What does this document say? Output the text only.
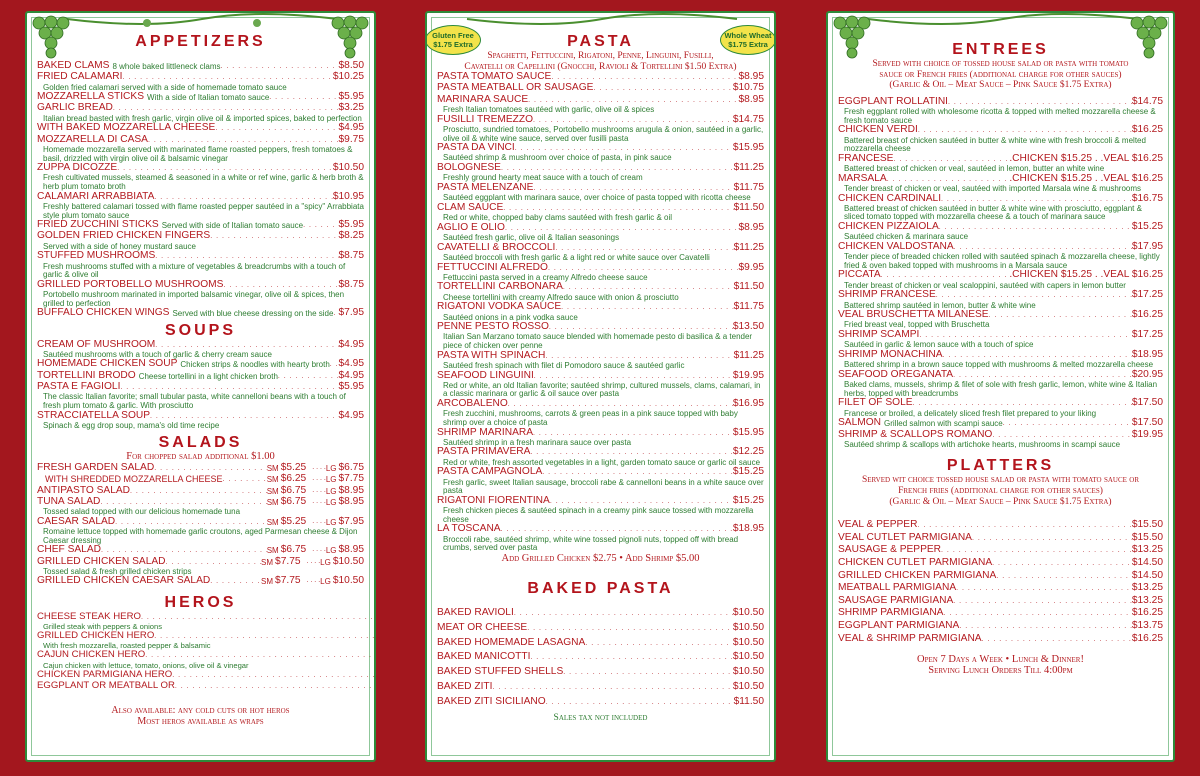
APPETIZERS
BAKED CLAMS 8 whole baked littleneck clams . . .	$8.50
FRIED CALAMARI . . .	$10.25
Golden fried calamari served with a side of homemade tomato sauce
MOZZARELLA STICKS With a side of Italian tomato sauce . . .	$5.95
GARLIC BREAD . . .	$3.25
Italian bread basted with fresh garlic, virgin olive oil & imported spices, baked to perfection
WITH BAKED MOZZARELLA CHEESE . . .	$4.95
MOZZARELLA DI CASA . . .	$9.75
Homemade mozzarella served with marinated flame roasted peppers, fresh tomatoes & basil, drizzled with virgin olive oil & balsamic vinegar
ZUPPA DICOZZE . . .	$10.50
Fresh cultivated mussels, steamed & seasoned in a white or ref wine, garlic & herb broth & herb plum tomato broth
CALAMARI ARRABBIATA . . .	$10.95
Freshly battered calamari tossed with flame roasted pepper sautéed in a "spicy" Arrabbiata style plum tomato sauce
FRIED ZUCCHINI STICKS Served with side of Italian tomato sauce . . .	$5.95
GOLDEN FRIED CHICKEN FINGERS . . .	$8.25
Served with a side of honey mustard sauce
STUFFED MUSHROOMS . . .	$8.75
Fresh mushrooms stuffed with a mixture of vegetables & breadcrumbs with a touch of garlic & olive oil
GRILLED PORTOBELLO MUSHROOMS . . .	$8.75
Portobello mushroom marinated in imported balsamic vinegar, olive oil & spices, then grilled to perfection
BUFFALO CHICKEN WINGS Served with blue cheese dressing on the side . . . $7.95
SOUPS
CREAM OF MUSHROOM . . .	$4.95
Sautéed mushrooms with a touch of garlic & cherry cream sauce
HOMEMADE CHICKEN SOUP Chicken strips & noodles with hearty broth . . . $4.95
TORTELLINI BRODO Cheese tortellini in a light chicken broth . . .	$4.95
PASTA E FAGIOLI . . .	$5.95
The classic Italian favorite; small tubular pasta, white cannelloni beans with a touch of fresh plum tomato & garlic. With prosciutto
STRACCIATELLA SOUP . . .	$4.95
Spinach & egg drop soup, mama's old time recipe
SALADS
For chopped salad additional $1.00
FRESH GARDEN SALAD . . .	SM $5.25 . . . . LG $6.75
WITH SHREDDED MOZZARELLA CHEESE . . .	SM $6.25 . . . . LG $7.75
ANTIPASTO SALAD . . .	SM $6.75 . . . . LG $8.95
TUNA SALAD . . .	SM $6.75 . . . . LG $8.95
Tossed salad topped with our delicious homemade tuna
CAESAR SALAD . . .	SM $5.25 . . . . LG $7.95
Romaine lettuce topped with homemade garlic croutons, aged Parmesan cheese & Dijon Caesar dressing
CHEF SALAD . . .	SM $6.75 . . . . LG $8.95
GRILLED CHICKEN SALAD . . .	SM $7.75 . . . . LG $10.50
Tossed salad & fresh grilled chicken strips
GRILLED CHICKEN CAESAR SALAD . . .	SM $7.75 . . . . LG $10.50
HEROS
CHEESE STEAK HERO
. . .
Grilled steak with peppers & onions
GRILLED CHICKEN HERO
. . .
With fresh mozzarella, roasted pepper & balsamic
CAJUN CHICKEN HERO
. . .
Cajun chicken with lettuce, tomato, onions, olive oil & vinegar
CHICKEN PARMIGIANA HERO
. . .
EGGPLANT OR MEATBALL OR
. . .
Also available: any cold cuts or hot heros
Most heros available as wraps
Gluten Free $1.75 Extra
Whole Wheat $1.75 Extra
PASTA
Spaghetti, Fettuccini, Rigatoni, Penne, Linguini, Fusilli,
Cavatelli or Capellini (Gnocchi, Ravioli & Tortellini $1.50 Extra)
PASTA TOMATO SAUCE . . .	$8.95
PASTA MEATBALL OR SAUSAGE . . .	$10.75
MARINARA SAUCE . . .	$8.95
Fresh Italian tomatoes sautéed with garlic, olive oil & spices
FUSILLI TREMEZZO . . .	$14.75
Prosciutto, sundried tomatoes, Portobello mushrooms arugula & onion, sautéed in a garlic, olive oil & white wine sauce, served over fusilli pasta
PASTA DA VINCI . . .	$15.95
Sautéed shrimp & mushroom over choice of pasta, in pink sauce
BOLOGNESE . . .	$11.25
Freshly ground hearty meat sauce with a touch of cream
PASTA MELENZANE . . .	$11.75
Sautéed eggplant with marinara sauce, over choice of pasta topped with ricotta cheese
CLAM SAUCE . . .	$11.50
Red or white, chopped baby clams sautéed with fresh garlic & oil
AGLIO E OLIO . . .	$8.95
Sautéed fresh garlic, olive oil & Italian seasonings
CAVATELLI & BROCCOLI . . .	$11.25
Sautéed broccoli with fresh garlic & a light red or white sauce over Cavatelli
FETTUCCINI ALFREDO . . .	$9.95
Fettuccini pasta served in a creamy Alfredo cheese sauce
TORTELLINI CARBONARA . . .	$11.50
Cheese tortellini with creamy Alfredo sauce with onion & prosciutto
RIGATONI VODKA SAUCE . . .	$11.75
Sautéed onions in a pink vodka sauce
PENNE PESTO ROSSO . . .	$13.50
Italian San Marzano tomato sauce blended with homemade pesto di basilica & a tender piece of chicken over penne
PASTA WITH SPINACH . . .	$11.25
Sautéed fresh spinach with filet di Pomodoro sauce & sautéed garlic
SEAFOOD LINGUINI . . .	$19.95
Red or white, an old Italian favorite; sautéed shrimp, cultured mussels, clams, calamari, in a classic marinara or garlic & oil sauce over pasta
ARCOBALENO . . .	$16.95
Fresh zucchini, mushrooms, carrots & green peas in a pink sauce topped with baby shrimp over a choice of pasta
SHRIMP MARINARA . . .	$15.95
Sautéed shrimp in a fresh marinara sauce over pasta
PASTA PRIMAVERA . . .	$12.25
Red or white, fresh assorted vegetables in a light, garden tomato sauce or garlic oil sauce
PASTA CAMPAGNOLA . . .	$15.25
Fresh garlic, sweet Italian sausage, broccoli rabe & cannelloni beans in a white sauce over pasta
RIGATONI FIORENTINA . . .	$15.25
Fresh chicken pieces & sautéed spinach in a creamy pink sauce tossed with mozzarella cheese
LA TOSCANA . . .	$18.95
Broccoli rabe, sautéed shrimp, white wine tossed pignoli nuts, topped off with bread crumbs, served over pasta
Add Grilled Chicken $2.75 • Add Shrimp $5.00
BAKED PASTA
BAKED RAVIOLI . . .	$10.50
MEAT OR CHEESE . . .	$10.50
BAKED HOMEMADE LASAGNA . . .	$10.50
BAKED MANICOTTI . . .	$10.50
BAKED STUFFED SHELLS . . .	$10.50
BAKED ZITI . . .	$10.50
BAKED ZITI SICILIANO . . .	$11.50
Sales tax not included
ENTREES
Served with choice of tossed house salad or pasta with tomato
sauce or French fries (additional charge for other sauces)
(Garlic & Oil – Meat Sauce – Pink Sauce $1.75 Extra)
EGGPLANT ROLLATINI . . .	$14.75
Fresh eggplant rolled with wholesome ricotta & topped with melted mozzarella cheese & fresh tomato sauce
CHICKEN VERDI . . .	$16.25
Battered breast of chicken sautéed in butter & white wine with fresh broccoli & melted mozzarella cheese
FRANCESE . . .	.CHICKEN $15.25 . .VEAL $16.25
Battered breast of chicken or veal, sautéed in lemon, butter an white wine
MARSALA . . .	.CHICKEN $15.25 . .VEAL $16.25
Tender breast of chicken or veal, sautéed with imported Marsala wine & mushrooms
CHICKEN CARDINALI . . .	$16.75
Battered breast of chicken sautéed in butter & white wine with prosciutto, eggplant & sliced tomato topped with mozzarella cheese & a touch of marinara sauce
CHICKEN PIZZAIOLA . . .	$15.25
Sautéed chicken & marinara sauce
CHICKEN VALDOSTANA . . .	$17.95
Tender piece of breaded chicken rolled with sautéed spinach & mozzarella cheese, lightly fried & oven baked topped with mushrooms in a Marsala sauce
PICCATA . . .	.CHICKEN $15.25 . .VEAL $16.25
Tender breast of chicken or veal scaloppini, sautéed with capers in lemon butter
SHRIMP FRANCESE . . .	$17.25
Battered shrimp sautéed in lemon, butter & white wine
VEAL BRUSCHETTA MILANESE . . .	$16.25
Fried breast veal, topped with Bruschetta
SHRIMP SCAMPI . . .	$17.25
Sautéed in garlic & lemon sauce with a touch of spice
SHRIMP MONACHINA . . .	$18.95
Battered shrimp in a brown sauce topped with mushrooms & melted mozzarella cheese
SEAFOOD OREGANATA . . .	$20.95
Baked clams, mussels, shrimp & filet of sole with fresh garlic, lemon, white wine & Italian herbs, topped with breadcrumbs
FILET OF SOLE . . .	$17.50
Francese or broiled, a delicately sliced fresh filet prepared to your liking
SALMON Grilled salmon with scampi sauce . . .	$17.50
SHRIMP & SCALLOPS ROMANO . . .	$19.95
Sautéed shrimp & scallops with artichoke hearts, mushrooms in scampi sauce
PLATTERS
Served wit choice tossed house salad or pasta with tomato sauce or
French fries (additional charge for other sauces)
(Garlic & Oil – Meat Sauce – Pink Sauce $1.75 Extra)
VEAL & PEPPER . . .	$15.50
VEAL CUTLET PARMIGIANA . . .	$15.50
SAUSAGE & PEPPER . . .	$13.25
CHICKEN CUTLET PARMIGIANA . . .	$14.50
GRILLED CHICKEN PARMIGIANA . . .	$14.50
MEATBALL PARMIGIANA . . .	$13.25
SAUSAGE PARMIGIANA . . .	$13.25
SHRIMP PARMIGIANA . . .	$16.25
EGGPLANT PARMIGIANA . . .	$13.75
VEAL & SHRIMP PARMIGIANA . . .	$16.25
Open 7 Days a Week • Lunch & Dinner!
Serving Lunch Orders Till 4:00pm
